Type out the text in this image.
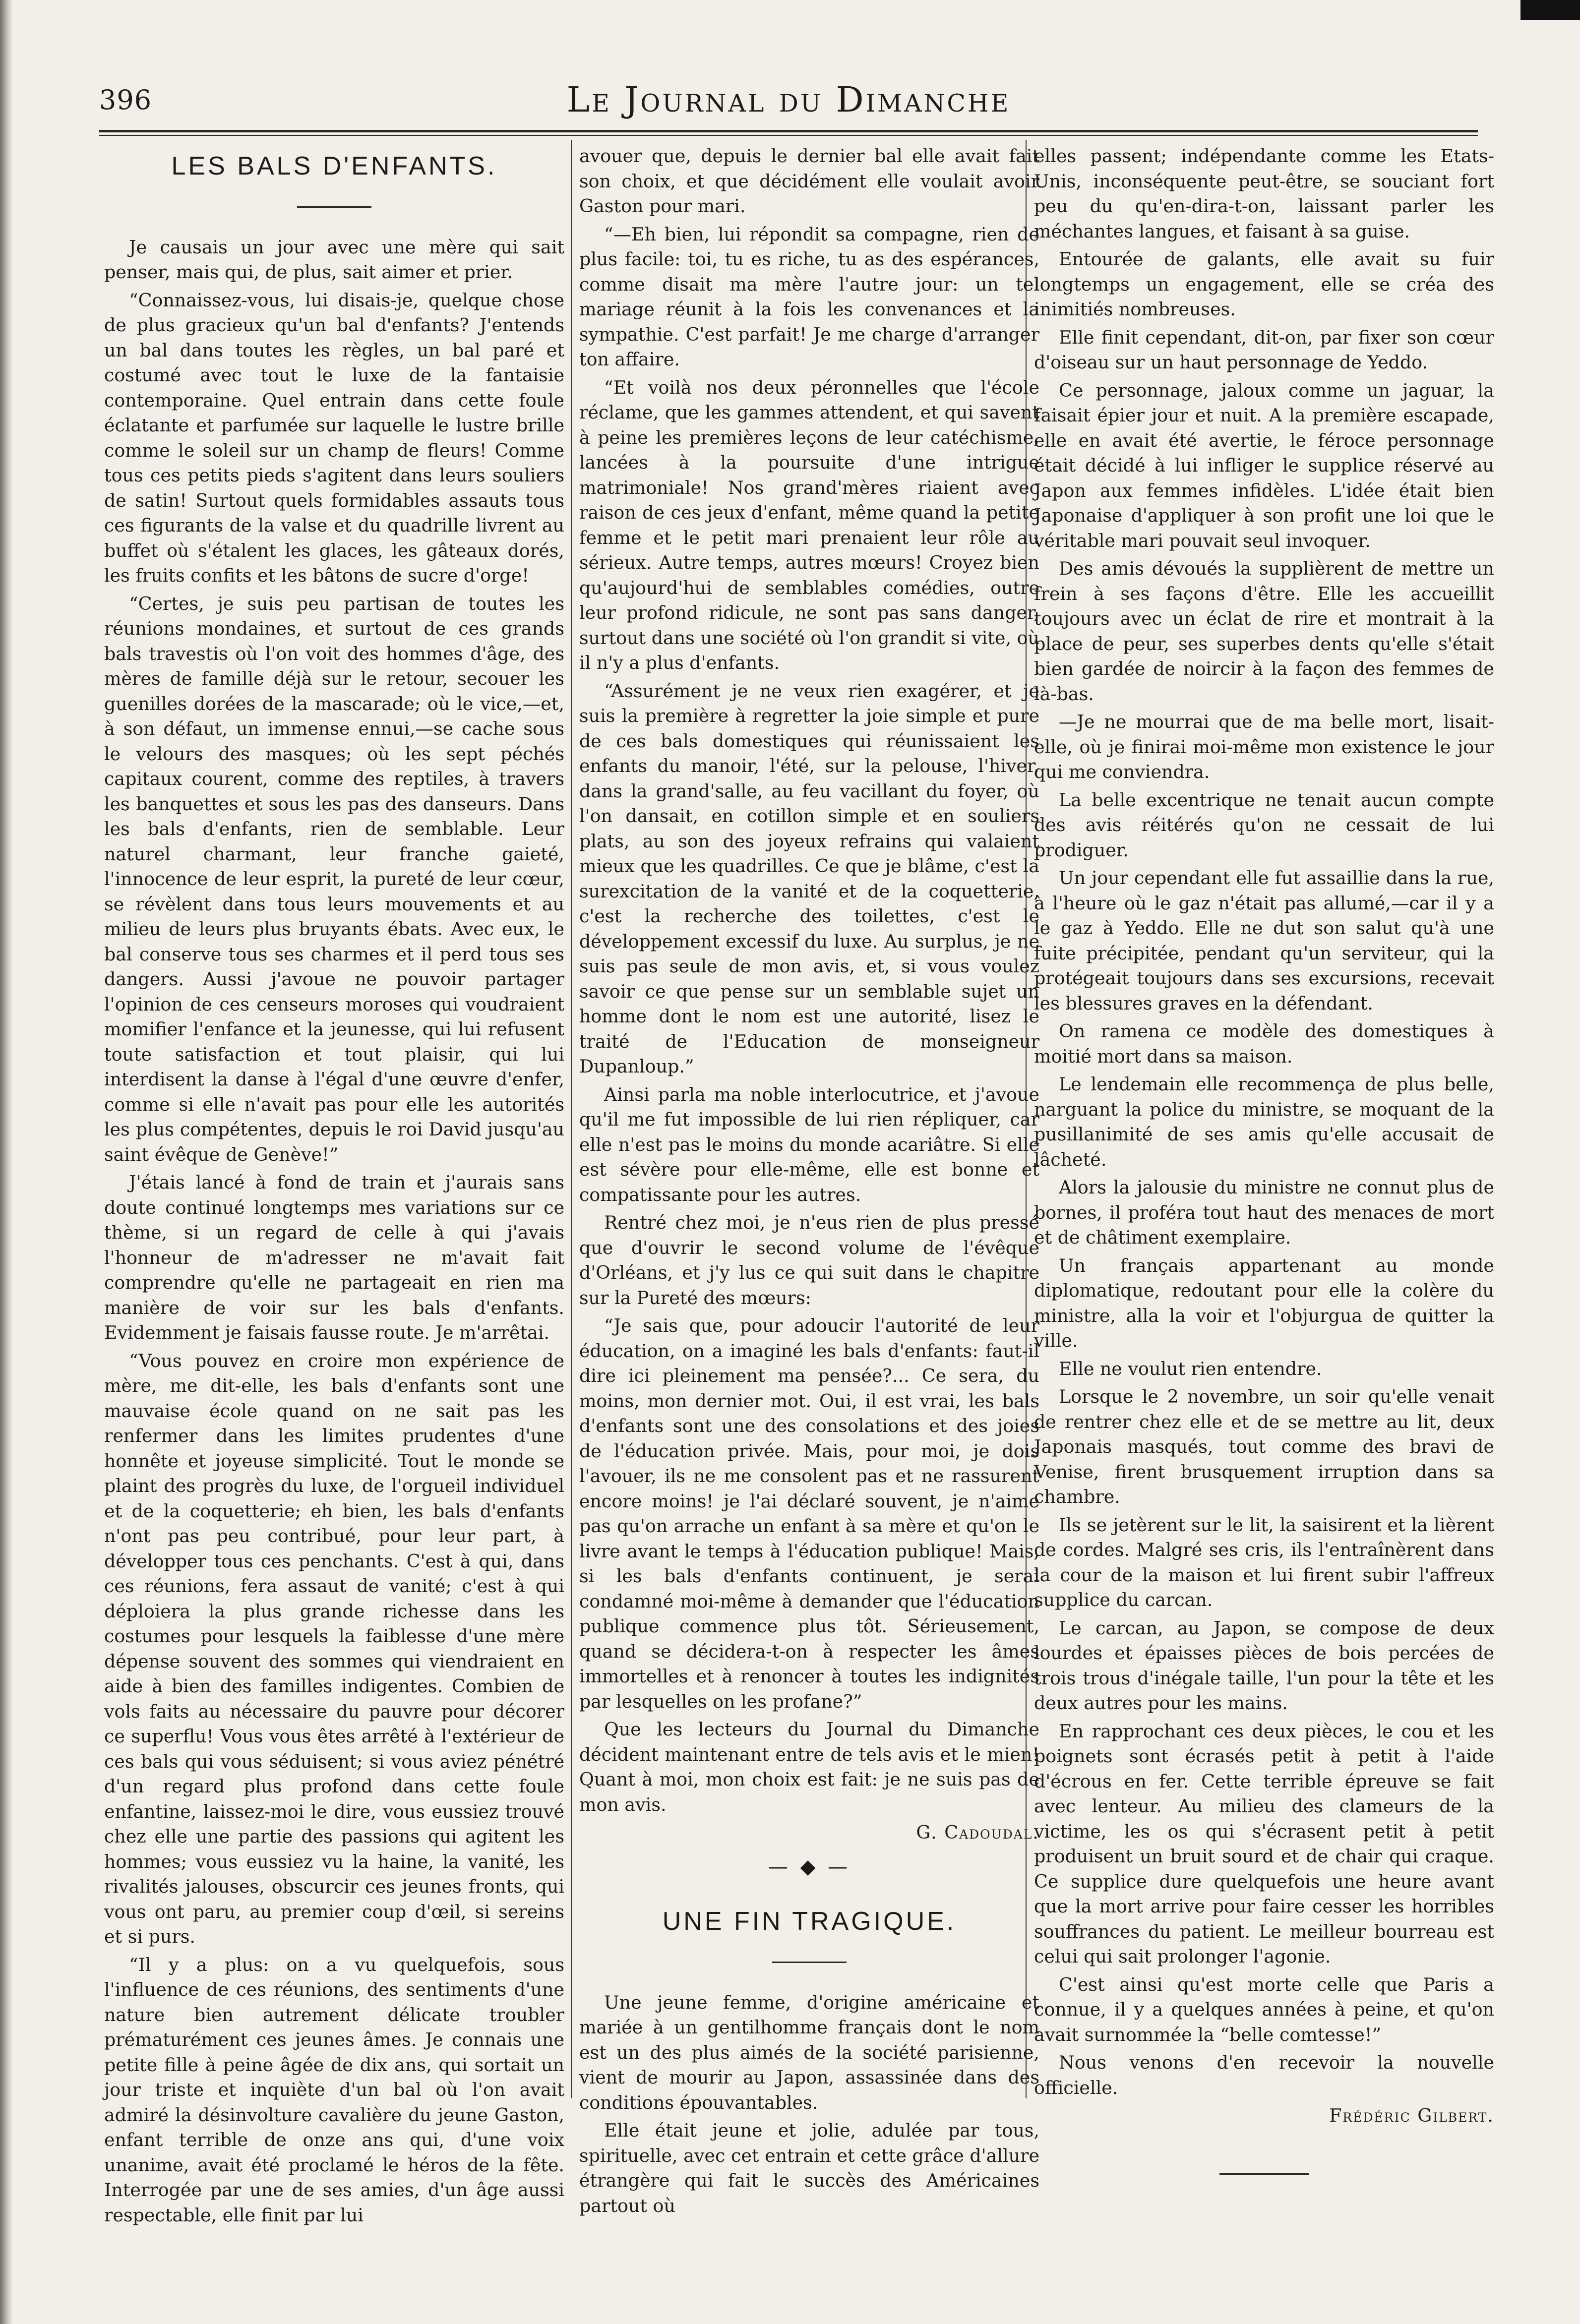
396	Le Journal du Dimanche
LES BALS D'ENFANTS.

Je causais un jour avec une mère qui sait penser, mais qui, de plus, sait aimer et prier.

“Connaissez-vous, lui disais-je, quelque chose de plus gracieux qu'un bal d'enfants? J'entends un bal dans toutes les règles, un bal paré et costumé avec tout le luxe de la fantaisie contemporaine. Quel entrain dans cette foule éclatante et parfumée sur laquelle le lustre brille comme le soleil sur un champ de fleurs! Comme tous ces petits pieds s'agitent dans leurs souliers de satin! Surtout quels formidables assauts tous ces figurants de la valse et du quadrille livrent au buffet où s'étalent les glaces, les gâteaux dorés, les fruits confits et les bâtons de sucre d'orge!

“Certes, je suis peu partisan de toutes les réunions mondaines, et surtout de ces grands bals travestis où l'on voit des hommes d'âge, des mères de famille déjà sur le retour, secouer les guenilles dorées de la mascarade; où le vice,—et, à son défaut, un immense ennui,—se cache sous le velours des masques; où les sept péchés capitaux courent, comme des reptiles, à travers les banquettes et sous les pas des danseurs. Dans les bals d'enfants, rien de semblable. Leur naturel charmant, leur franche gaieté, l'innocence de leur esprit, la pureté de leur cœur, se révèlent dans tous leurs mouvements et au milieu de leurs plus bruyants ébats. Avec eux, le bal conserve tous ses charmes et il perd tous ses dangers. Aussi j'avoue ne pouvoir partager l'opinion de ces censeurs moroses qui voudraient momifier l'enfance et la jeunesse, qui lui refusent toute satisfaction et tout plaisir, qui lui interdisent la danse à l'égal d'une œuvre d'enfer, comme si elle n'avait pas pour elle les autorités les plus compétentes, depuis le roi David jusqu'au saint évêque de Genève!”

J'étais lancé à fond de train et j'aurais sans doute continué longtemps mes variations sur ce thème, si un regard de celle à qui j'avais l'honneur de m'adresser ne m'avait fait comprendre qu'elle ne partageait en rien ma manière de voir sur les bals d'enfants. Evidemment je faisais fausse route. Je m'arrêtai.

“Vous pouvez en croire mon expérience de mère, me dit-elle, les bals d'enfants sont une mauvaise école quand on ne sait pas les renfermer dans les limites prudentes d'une honnête et joyeuse simplicité. Tout le monde se plaint des progrès du luxe, de l'orgueil individuel et de la coquetterie; eh bien, les bals d'enfants n'ont pas peu contribué, pour leur part, à développer tous ces penchants. C'est à qui, dans ces réunions, fera assaut de vanité; c'est à qui déploiera la plus grande richesse dans les costumes pour lesquels la faiblesse d'une mère dépense souvent des sommes qui viendraient en aide à bien des familles indigentes. Combien de vols faits au nécessaire du pauvre pour décorer ce superflu! Vous vous êtes arrêté à l'extérieur de ces bals qui vous séduisent; si vous aviez pénétré d'un regard plus profond dans cette foule enfantine, laissez-moi le dire, vous eussiez trouvé chez elle une partie des passions qui agitent les hommes; vous eussiez vu la haine, la vanité, les rivalités jalouses, obscurcir ces jeunes fronts, qui vous ont paru, au premier coup d'œil, si sereins et si purs.

“Il y a plus: on a vu quelquefois, sous l'influence de ces réunions, des sentiments d'une nature bien autrement délicate troubler prématurément ces jeunes âmes. Je connais une petite fille à peine âgée de dix ans, qui sortait un jour triste et inquiète d'un bal où l'on avait admiré la désinvolture cavalière du jeune Gaston, enfant terrible de onze ans qui, d'une voix unanime, avait été proclamé le héros de la fête. Interrogée par une de ses amies, d'un âge aussi respectable, elle finit par lui

avouer que, depuis le dernier bal elle avait fait son choix, et que décidément elle voulait avoir Gaston pour mari.

“—Eh bien, lui répondit sa compagne, rien de plus facile: toi, tu es riche, tu as des espérances, comme disait ma mère l'autre jour: un tel mariage réunit à la fois les convenances et la sympathie. C'est parfait! Je me charge d'arranger ton affaire.

“Et voilà nos deux péronnelles que l'école réclame, que les gammes attendent, et qui savent à peine les premières leçons de leur catéchisme, lancées à la poursuite d'une intrigue matrimoniale! Nos grand'mères riaient avec raison de ces jeux d'enfant, même quand la petite femme et le petit mari prenaient leur rôle au sérieux. Autre temps, autres mœurs! Croyez bien qu'aujourd'hui de semblables comédies, outre leur profond ridicule, ne sont pas sans danger, surtout dans une société où l'on grandit si vite, où il n'y a plus d'enfants.

“Assurément je ne veux rien exagérer, et je suis la première à regretter la joie simple et pure de ces bals domestiques qui réunissaient les enfants du manoir, l'été, sur la pelouse, l'hiver, dans la grand'salle, au feu vacillant du foyer, où l'on dansait, en cotillon simple et en souliers plats, au son des joyeux refrains qui valaient mieux que les quadrilles. Ce que je blâme, c'est la surexcitation de la vanité et de la coquetterie, c'est la recherche des toilettes, c'est le développement excessif du luxe. Au surplus, je ne suis pas seule de mon avis, et, si vous voulez savoir ce que pense sur un semblable sujet un homme dont le nom est une autorité, lisez le traité de l'Education de monseigneur Dupanloup.”

Ainsi parla ma noble interlocutrice, et j'avoue qu'il me fut impossible de lui rien répliquer, car elle n'est pas le moins du monde acariâtre. Si elle est sévère pour elle-même, elle est bonne et compatissante pour les autres.

Rentré chez moi, je n'eus rien de plus pressé que d'ouvrir le second volume de l'évêque d'Orléans, et j'y lus ce qui suit dans le chapitre sur la Pureté des mœurs:

“Je sais que, pour adoucir l'autorité de leur éducation, on a imaginé les bals d'enfants: faut-il dire ici pleinement ma pensée?... Ce sera, du moins, mon dernier mot. Oui, il est vrai, les bals d'enfants sont une des consolations et des joies de l'éducation privée. Mais, pour moi, je dois l'avouer, ils ne me consolent pas et ne rassurent encore moins! je l'ai déclaré souvent, je n'aime pas qu'on arrache un enfant à sa mère et qu'on le livre avant le temps à l'éducation publique! Mais, si les bals d'enfants continuent, je serai condamné moi-même à demander que l'éducation publique commence plus tôt. Sérieusement, quand se décidera-t-on à respecter les âmes immortelles et à renoncer à toutes les indignités par lesquelles on les profane?”

Que les lecteurs du Journal du Dimanche décident maintenant entre de tels avis et le mien! Quant à moi, mon choix est fait: je ne suis pas de mon avis.

G. Cadoudal.

— ◆ —
UNE FIN TRAGIQUE.

Une jeune femme, d'origine américaine et mariée à un gentilhomme français dont le nom est un des plus aimés de la société parisienne, vient de mourir au Japon, assassinée dans des conditions épouvantables.

Elle était jeune et jolie, adulée par tous, spirituelle, avec cet entrain et cette grâce d'allure étrangère qui fait le succès des Américaines partout où

elles passent; indépendante comme les Etats-Unis, inconséquente peut-être, se souciant fort peu du qu'en-dira-t-on, laissant parler les méchantes langues, et faisant à sa guise.

Entourée de galants, elle avait su fuir longtemps un engagement, elle se créa des inimitiés nombreuses.

Elle finit cependant, dit-on, par fixer son cœur d'oiseau sur un haut personnage de Yeddo.

Ce personnage, jaloux comme un jaguar, la faisait épier jour et nuit. A la première escapade, elle en avait été avertie, le féroce personnage était décidé à lui infliger le supplice réservé au Japon aux femmes infidèles. L'idée était bien Japonaise d'appliquer à son profit une loi que le véritable mari pouvait seul invoquer.

Des amis dévoués la supplièrent de mettre un frein à ses façons d'être. Elle les accueillit toujours avec un éclat de rire et montrait à la place de peur, ses superbes dents qu'elle s'était bien gardée de noircir à la façon des femmes de là-bas.

—Je ne mourrai que de ma belle mort, lisait-elle, où je finirai moi-même mon existence le jour qui me conviendra.

La belle excentrique ne tenait aucun compte des avis réitérés qu'on ne cessait de lui prodiguer.

Un jour cependant elle fut assaillie dans la rue, à l'heure où le gaz n'était pas allumé,—car il y a le gaz à Yeddo. Elle ne dut son salut qu'à une fuite précipitée, pendant qu'un serviteur, qui la protégeait toujours dans ses excursions, recevait les blessures graves en la défendant.

On ramena ce modèle des domestiques à moitié mort dans sa maison.

Le lendemain elle recommença de plus belle, narguant la police du ministre, se moquant de la pusillanimité de ses amis qu'elle accusait de lâcheté.

Alors la jalousie du ministre ne connut plus de bornes, il proféra tout haut des menaces de mort et de châtiment exemplaire.

Un français appartenant au monde diplomatique, redoutant pour elle la colère du ministre, alla la voir et l'objurgua de quitter la ville.

Elle ne voulut rien entendre.

Lorsque le 2 novembre, un soir qu'elle venait de rentrer chez elle et de se mettre au lit, deux Japonais masqués, tout comme des bravi de Venise, firent brusquement irruption dans sa chambre.

Ils se jetèrent sur le lit, la saisirent et la lièrent de cordes. Malgré ses cris, ils l'entraînèrent dans la cour de la maison et lui firent subir l'affreux supplice du carcan.

Le carcan, au Japon, se compose de deux lourdes et épaisses pièces de bois percées de trois trous d'inégale taille, l'un pour la tête et les deux autres pour les mains.

En rapprochant ces deux pièces, le cou et les poignets sont écrasés petit à petit à l'aide d'écrous en fer. Cette terrible épreuve se fait avec lenteur. Au milieu des clameurs de la victime, les os qui s'écrasent petit à petit produisent un bruit sourd et de chair qui craque. Ce supplice dure quelquefois une heure avant que la mort arrive pour faire cesser les horribles souffrances du patient. Le meilleur bourreau est celui qui sait prolonger l'agonie.

C'est ainsi qu'est morte celle que Paris a connue, il y a quelques années à peine, et qu'on avait surnommée la “belle comtesse!”

Nous venons d'en recevoir la nouvelle officielle.

Frédéric Gilbert.
